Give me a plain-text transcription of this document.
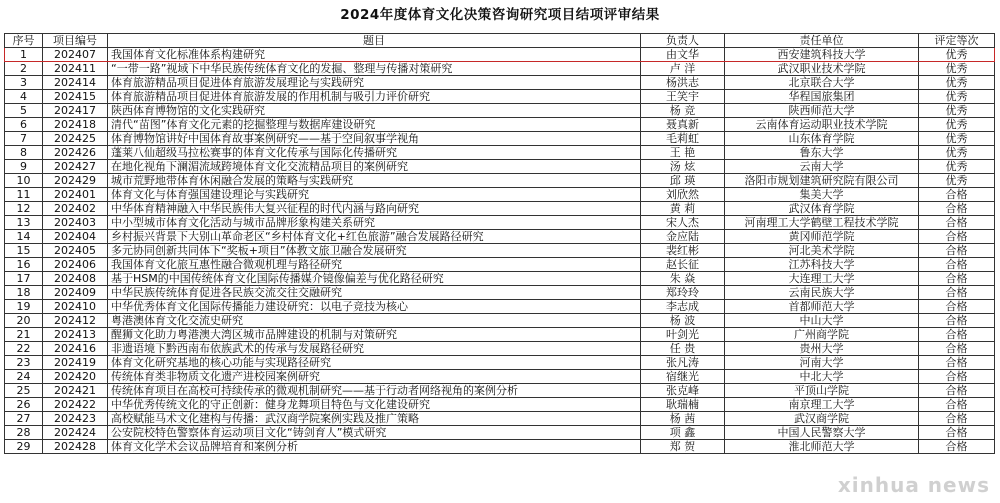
2024年度体育文化决策咨询研究项目结项评审结果
序号	项目编号	题目	负责人	责任单位	评定等次
1	202407	我国体育文化标准体系构建研究	由文华	西安建筑科技大学	优秀
2	202411	“一带一路”视域下中华民族传统体育文化的发掘、整理与传播对策研究	卢 洋	武汉职业技术学院	优秀
3	202414	体育旅游精品项目促进体育旅游发展理论与实践研究	杨洪志	北京联合大学	优秀
4	202415	体育旅游精品项目促进体育旅游发展的作用机制与吸引力评价研究	王笑宇	华程国旅集团	优秀
5	202417	陕西体育博物馆的文化实践研究	杨 竞	陕西师范大学	优秀
6	202418	清代“苗图”体育文化元素的挖掘整理与数据库建设研究	聂真新	云南体育运动职业技术学院	优秀
7	202425	体育博物馆讲好中国体育故事案例研究——基于空间叙事学视角	毛莉虹	山东体育学院	优秀
8	202426	蓬莱八仙超级马拉松赛事的体育文化传承与国际化传播研究	王 艳	鲁东大学	优秀
9	202427	在地化视角下澜湄流域跨境体育文化交流精品项目的案例研究	汤 炫	云南大学	优秀
10	202429	城市荒野地带体育休闲融合发展的策略与实践研究	邱 瑛	洛阳市规划建筑研究院有限公司	优秀
11	202401	体育文化与体育强国建设理论与实践研究	刘欣然	集美大学	合格
12	202402	中华体育精神融入中华民族伟大复兴征程的时代内涵与路向研究	黄 莉	武汉体育学院	合格
13	202403	中小型城市体育文化活动与城市品牌形象构建关系研究	宋人杰	河南理工大学鹤壁工程技术学院	合格
14	202404	乡村振兴背景下大别山革命老区“乡村体育文化+红色旅游”融合发展路径研究	金应陆	黄冈师范学院	合格
15	202405	多元协同创新共同体下“奖板+项目”体教文旅卫融合发展研究	裴红彬	河北美术学院	合格
16	202406	我国体育文化旅互惠性融合微观机理与路径研究	赵长征	江苏科技大学	合格
17	202408	基于HSM的中国传统体育文化国际传播媒介镜像偏差与优化路径研究	朱 焱	大连理工大学	合格
18	202409	中华民族传统体育促进各民族交流交往交融研究	郑玲玲	云南民族大学	合格
19	202410	中华优秀体育文化国际传播能力建设研究：以电子竞技为核心	李志成	首都师范大学	合格
20	202412	粤港澳体育文化交流史研究	杨 波	中山大学	合格
21	202413	醒狮文化助力粤港澳大湾区城市品牌建设的机制与对策研究	叶剑光	广州商学院	合格
22	202416	非遗语境下黔西南布依族武术的传承与发展路径研究	任 贵	贵州大学	合格
23	202419	体育文化研究基地的核心功能与实现路径研究	张凡涛	河南大学	合格
24	202420	传统体育类非物质文化遗产进校园案例研究	宿继光	中北大学	合格
25	202421	传统体育项目在高校可持续传承的微观机制研究——基于行动者网络视角的案例分析	张克峰	平顶山学院	合格
26	202422	中华优秀传统文化的守正创新：健身龙舞项目特色与文化建设研究	耿瑞楠	南京理工大学	合格
27	202423	高校赋能马术文化建构与传播：武汉商学院案例实践及推广策略	杨 茜	武汉商学院	合格
28	202424	公安院校特色警察体育运动项目文化“铸剑育人”模式研究	项 鑫	中国人民警察大学	合格
29	202428	体育文化学术会议品牌培育和案例分析	郑 贺	淮北师范大学	合格
xinhua news
